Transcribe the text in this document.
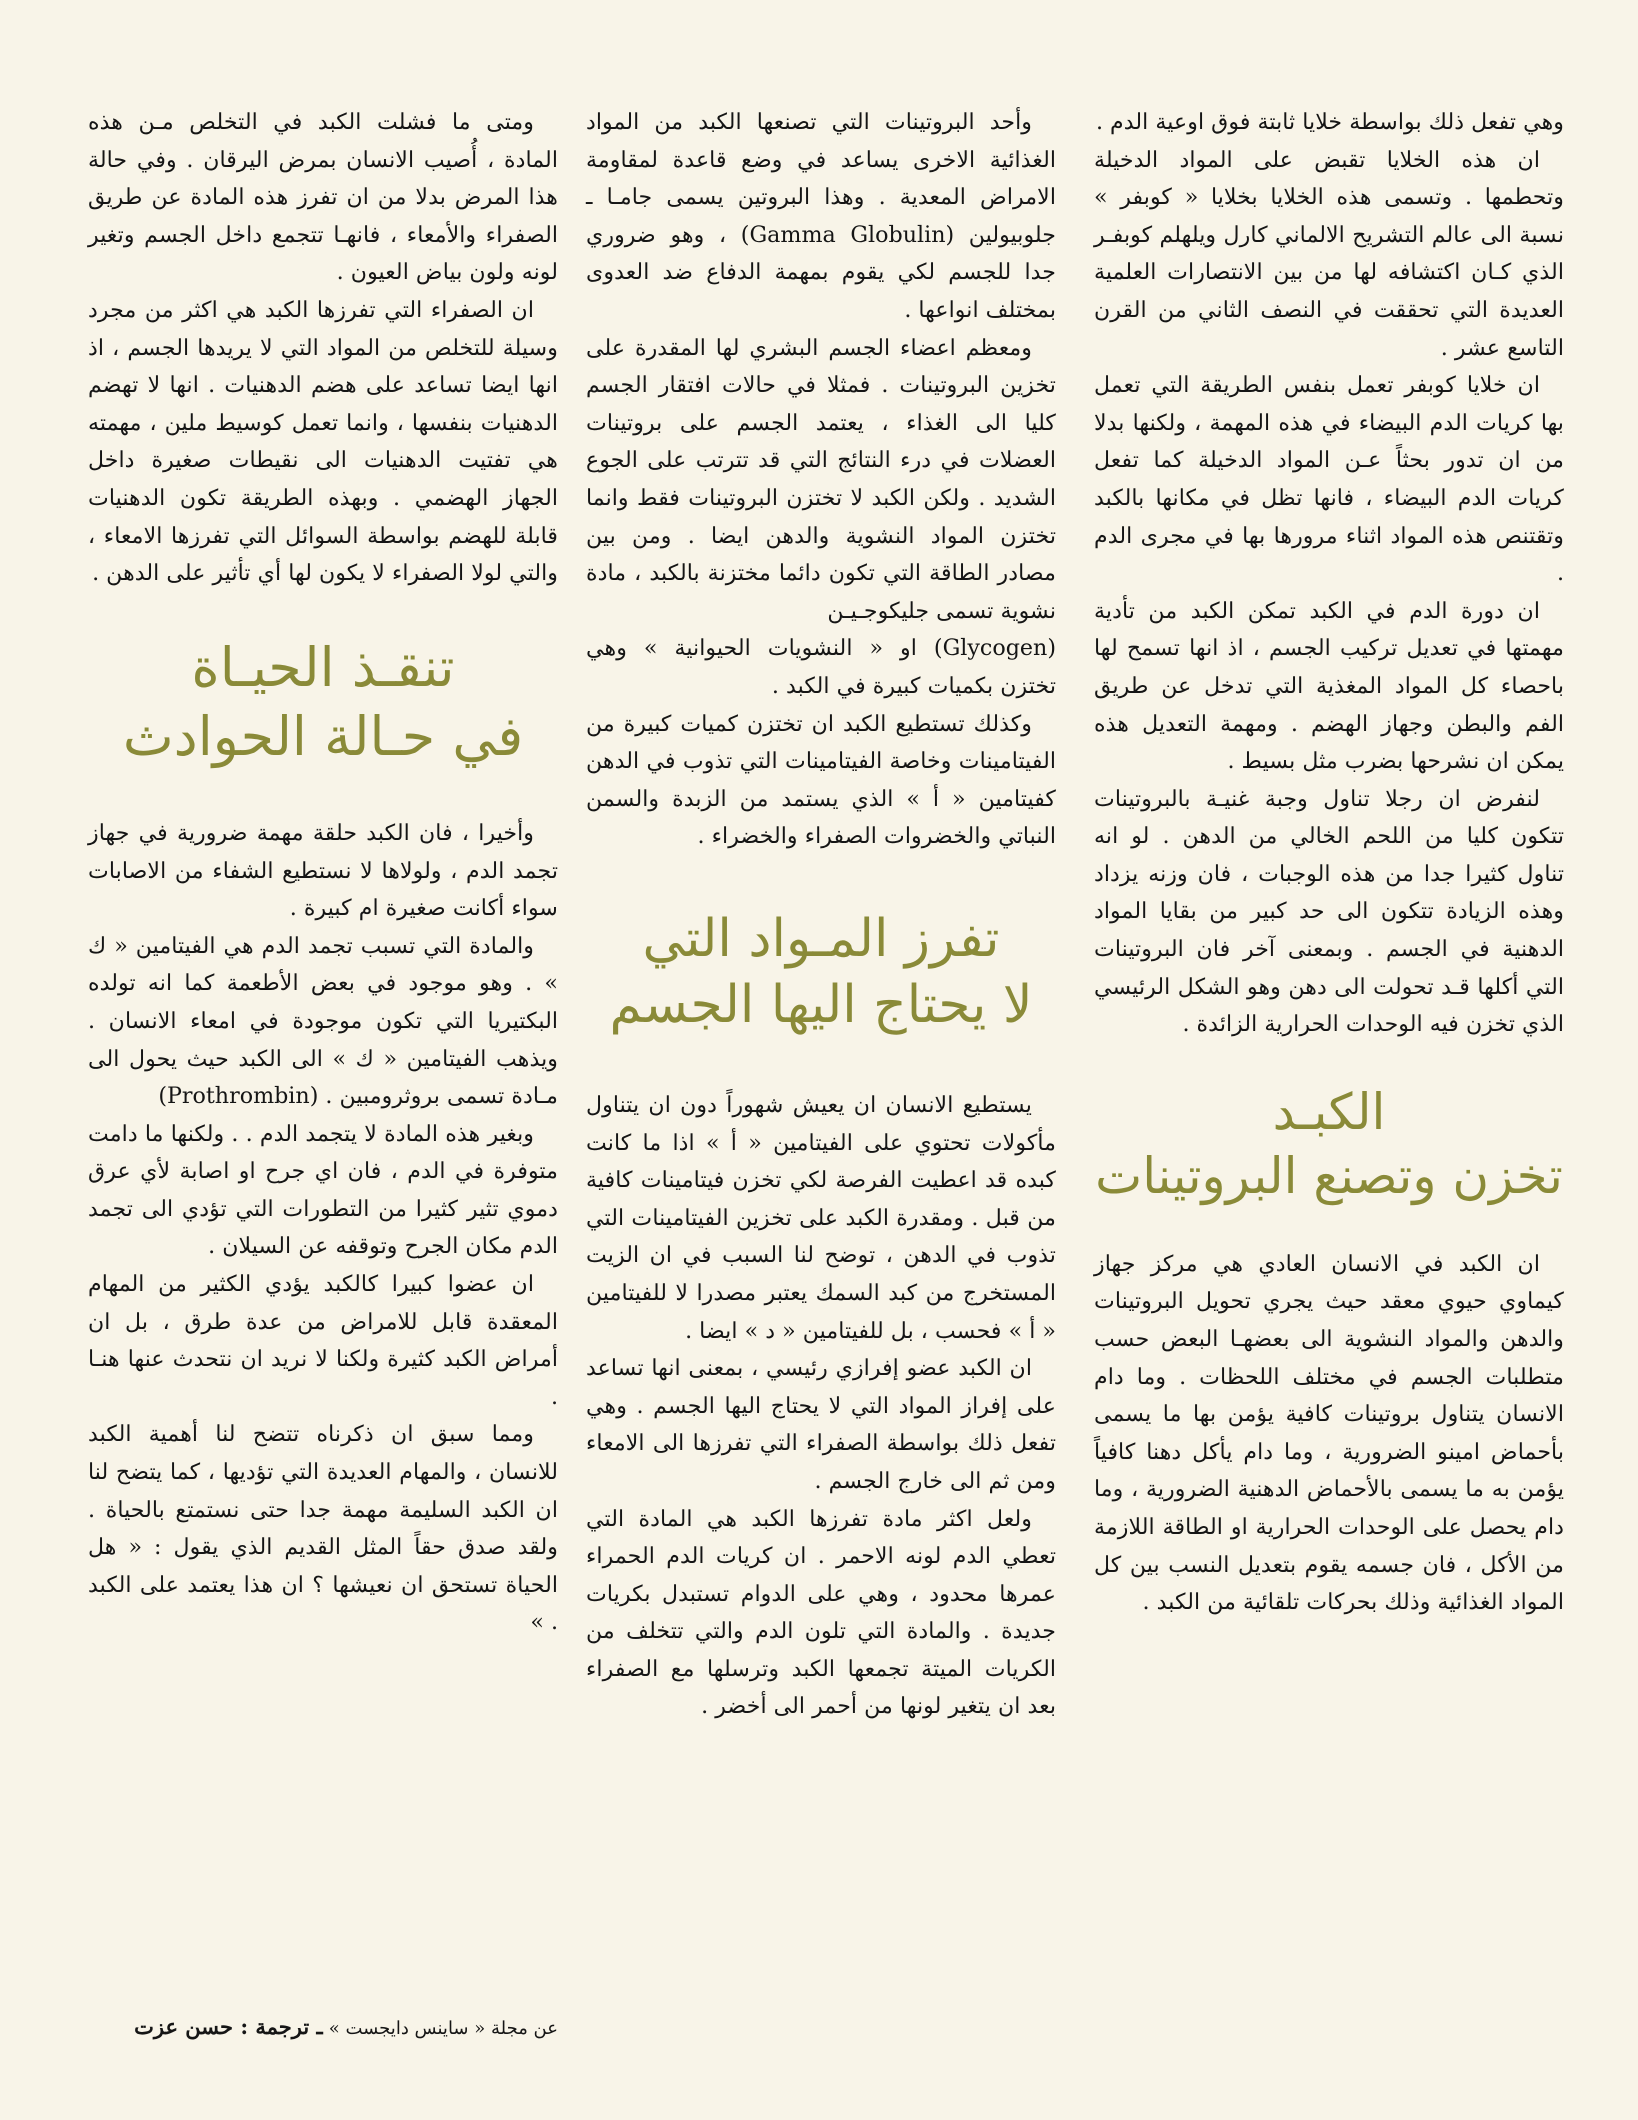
وهي تفعل ذلك بواسطة خلايا ثابتة فوق اوعية الدم .

ان هذه الخلايا تقبض على المواد الدخيلة وتحطمها . وتسمى هذه الخلايا بخلايا « كوبفر » نسبة الى عالم التشريح الالماني كارل ويلهلم كوبفـر الذي كـان اكتشافه لها من بين الانتصارات العلمية العديدة التي تحققت في النصف الثاني من القرن التاسع عشر .

ان خلايا كوبفر تعمل بنفس الطريقة التي تعمل بها كريات الدم البيضاء في هذه المهمة ، ولكنها بدلا من ان تدور بحثاً عـن المواد الدخيلة كما تفعل كريات الدم البيضاء ، فانها تظل في مكانها بالكبد وتقتنص هذه المواد اثناء مرورها بها في مجرى الدم .

ان دورة الدم في الكبد تمكن الكبد من تأدية مهمتها في تعديل تركيب الجسم ، اذ انها تسمح لها باحصاء كل المواد المغذية التي تدخل عن طريق الفم والبطن وجهاز الهضم . ومهمة التعديل هذه يمكن ان نشرحها بضرب مثل بسيط .

لنفرض ان رجلا تناول وجبة غنيـة بالبروتينات تتكون كليا من اللحم الخالي من الدهن . لو انه تناول كثيرا جدا من هذه الوجبات ، فان وزنه يزداد وهذه الزيادة تتكون الى حد كبير من بقايا المواد الدهنية في الجسم . وبمعنى آخر فان البروتينات التي أكلها قـد تحولت الى دهن وهو الشكل الرئيسي الذي تخزن فيه الوحدات الحرارية الزائدة .

الكبـد
تخزن وتصنع البروتينات

ان الكبد في الانسان العادي هي مركز جهاز كيماوي حيوي معقد حيث يجري تحويل البروتينات والدهن والمواد النشوية الى بعضهـا البعض حسب متطلبات الجسم في مختلف اللحظات . وما دام الانسان يتناول بروتينات كافية يؤمن بها ما يسمى بأحماض امينو الضرورية ، وما دام يأكل دهنا كافياً يؤمن به ما يسمى بالأحماض الدهنية الضرورية ، وما دام يحصل على الوحدات الحرارية او الطاقة اللازمة من الأكل ، فان جسمه يقوم بتعديل النسب بين كل المواد الغذائية وذلك بحركات تلقائية من الكبد .

وأحد البروتينات التي تصنعها الكبد من المواد الغذائية الاخرى يساعد في وضع قاعدة لمقاومة الامراض المعدية . وهذا البروتين يسمى جامـا ـ جلوبيولين (Gamma Globulin) ، وهو ضروري جدا للجسم لكي يقوم بمهمة الدفاع ضد العدوى بمختلف انواعها .

ومعظم اعضاء الجسم البشري لها المقدرة على تخزين البروتينات . فمثلا في حالات افتقار الجسم كليا الى الغذاء ، يعتمد الجسم على بروتينات العضلات في درء النتائج التي قد تترتب على الجوع الشديد . ولكن الكبد لا تختزن البروتينات فقط وانما تختزن المواد النشوية والدهن ايضا . ومن بين مصادر الطاقة التي تكون دائما مختزنة بالكبد ، مادة نشوية تسمى جليكوجـيـن

(Glycogen) او « النشويات الحيوانية » وهي تختزن بكميات كبيرة في الكبد .

وكذلك تستطيع الكبد ان تختزن كميات كبيرة من الفيتامينات وخاصة الفيتامينات التي تذوب في الدهن كفيتامين « أ » الذي يستمد من الزبدة والسمن النباتي والخضروات الصفراء والخضراء .

تفرز المـواد التي
لا يحتاج اليها الجسم

يستطيع الانسان ان يعيش شهوراً دون ان يتناول مأكولات تحتوي على الفيتامين « أ » اذا ما كانت كبده قد اعطيت الفرصة لكي تخزن فيتامينات كافية من قبل . ومقدرة الكبد على تخزين الفيتامينات التي تذوب في الدهن ، توضح لنا السبب في ان الزيت المستخرج من كبد السمك يعتبر مصدرا لا للفيتامين « أ » فحسب ، بل للفيتامين « د » ايضا .

ان الكبد عضو إفرازي رئيسي ، بمعنى انها تساعد على إفراز المواد التي لا يحتاج اليها الجسم . وهي تفعل ذلك بواسطة الصفراء التي تفرزها الى الامعاء ومن ثم الى خارج الجسم .

ولعل اكثر مادة تفرزها الكبد هي المادة التي تعطي الدم لونه الاحمر . ان كريات الدم الحمراء عمرها محدود ، وهي على الدوام تستبدل بكريات جديدة . والمادة التي تلون الدم والتي تتخلف من الكريات الميتة تجمعها الكبد وترسلها مع الصفراء بعد ان يتغير لونها من أحمر الى أخضر .

ومتى ما فشلت الكبد في التخلص مـن هذه المادة ، أُصيب الانسان بمرض اليرقان . وفي حالة هذا المرض بدلا من ان تفرز هذه المادة عن طريق الصفراء والأمعاء ، فانهـا تتجمع داخل الجسم وتغير لونه ولون بياض العيون .

ان الصفراء التي تفرزها الكبد هي اكثر من مجرد وسيلة للتخلص من المواد التي لا يريدها الجسم ، اذ انها ايضا تساعد على هضم الدهنيات . انها لا تهضم الدهنيات بنفسها ، وانما تعمل كوسيط ملين ، مهمته هي تفتيت الدهنيات الى نقيطات صغيرة داخل الجهاز الهضمي . وبهذه الطريقة تكون الدهنيات قابلة للهضم بواسطة السوائل التي تفرزها الامعاء ، والتي لولا الصفراء لا يكون لها أي تأثير على الدهن .

تنقـذ الحيـاة
في حـالة الحوادث

وأخيرا ، فان الكبد حلقة مهمة ضرورية في جهاز تجمد الدم ، ولولاها لا نستطيع الشفاء من الاصابات سواء أكانت صغيرة ام كبيرة .

والمادة التي تسبب تجمد الدم هي الفيتامين « ك » . وهو موجود في بعض الأطعمة كما انه تولده البكتيريا التي تكون موجودة في امعاء الانسان . ويذهب الفيتامين « ك » الى الكبد حيث يحول الى مـادة تسمى بروثرومبين (Prothrombin) .

وبغير هذه المادة لا يتجمد الدم . . ولكنها ما دامت متوفرة في الدم ، فان اي جرح او اصابة لأي عرق دموي تثير كثيرا من التطورات التي تؤدي الى تجمد الدم مكان الجرح وتوقفه عن السيلان .

ان عضوا كبيرا كالكبد يؤدي الكثير من المهام المعقدة قابل للامراض من عدة طرق ، بل ان أمراض الكبد كثيرة ولكنا لا نريد ان نتحدث عنها هنـا .

ومما سبق ان ذكرناه تتضح لنا أهمية الكبد للانسان ، والمهام العديدة التي تؤديها ، كما يتضح لنا ان الكبد السليمة مهمة جدا حتى نستمتع بالحياة . ولقد صدق حقاً المثل القديم الذي يقول : « هل الحياة تستحق ان نعيشها ؟ ان هذا يعتمد على الكبد . »

عن مجلة « ساينس دايجست » ـ ترجمة : حسن عزت
